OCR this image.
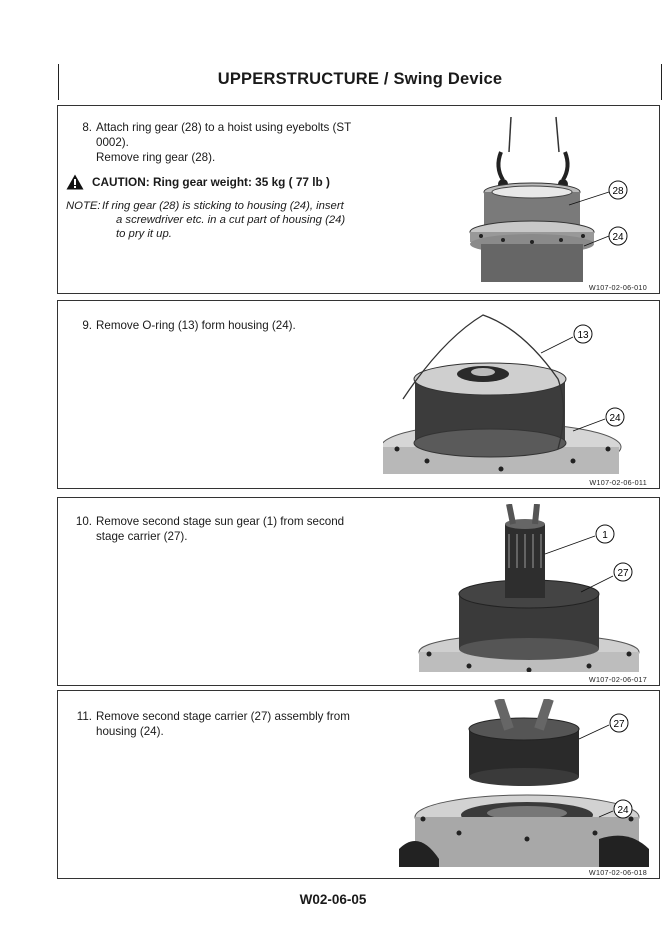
UPPERSTRUCTURE / Swing Device
8. Attach ring gear (28) to a hoist using eyebolts (ST
0002).
Remove ring gear (28).
CAUTION: Ring gear weight: 35 kg ( 77 lb )
NOTE: If ring gear (28) is sticking to housing (24), insert
a screwdriver etc. in a cut part of housing (24)
to pry it up.
28
24
W107-02-06-010
9. Remove O-ring (13) form housing (24).
13
24
W107-02-06-011
10. Remove second stage sun gear (1) from second
stage carrier (27).	1
27
W107-02-06-017
11. Remove second stage carrier (27) assembly from
housing (24).
27
24
W107-02-06-018
W02-06-05
